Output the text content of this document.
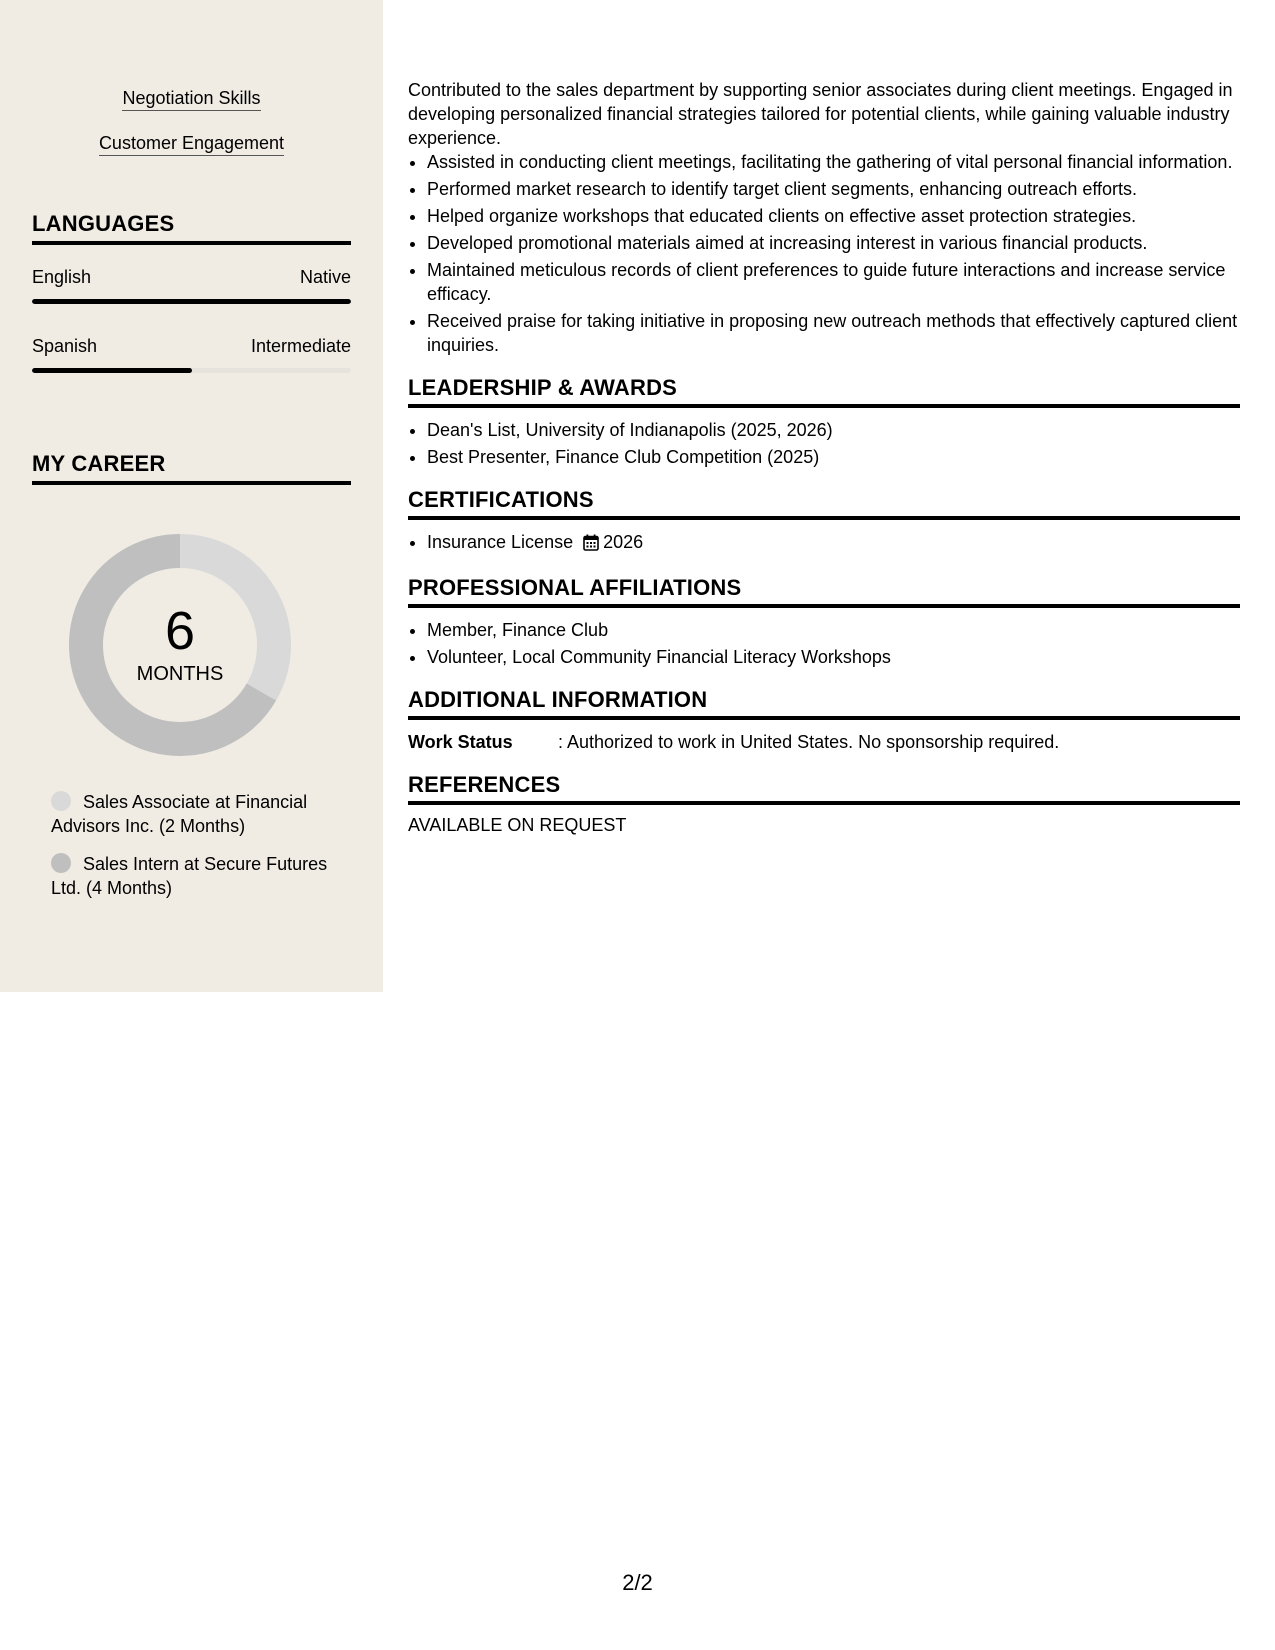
Negotiation Skills
Customer Engagement
LANGUAGES
English	Native
Spanish	Intermediate
MY CAREER
6
MONTHS
Sales Associate at Financial Advisors Inc. (2 Months)
Sales Intern at Secure Futures Ltd. (4 Months)

Contributed to the sales department by supporting senior associates during client meetings. Engaged in developing personalized financial strategies tailored for potential clients, while gaining valuable industry experience.

• Assisted in conducting client meetings, facilitating the gathering of vital personal financial information.
• Performed market research to identify target client segments, enhancing outreach efforts.
• Helped organize workshops that educated clients on effective asset protection strategies.
• Developed promotional materials aimed at increasing interest in various financial products.
• Maintained meticulous records of client preferences to guide future interactions and increase service efficacy.
• Received praise for taking initiative in proposing new outreach methods that effectively captured client inquiries.
LEADERSHIP & AWARDS
• Dean's List, University of Indianapolis (2025, 2026)
• Best Presenter, Finance Club Competition (2025)
CERTIFICATIONS
• Insurance License 2026
PROFESSIONAL AFFILIATIONS
• Member, Finance Club
• Volunteer, Local Community Financial Literacy Workshops
ADDITIONAL INFORMATION
Work Status	: Authorized to work in United States. No sponsorship required.
REFERENCES
AVAILABLE ON REQUEST
2/2
